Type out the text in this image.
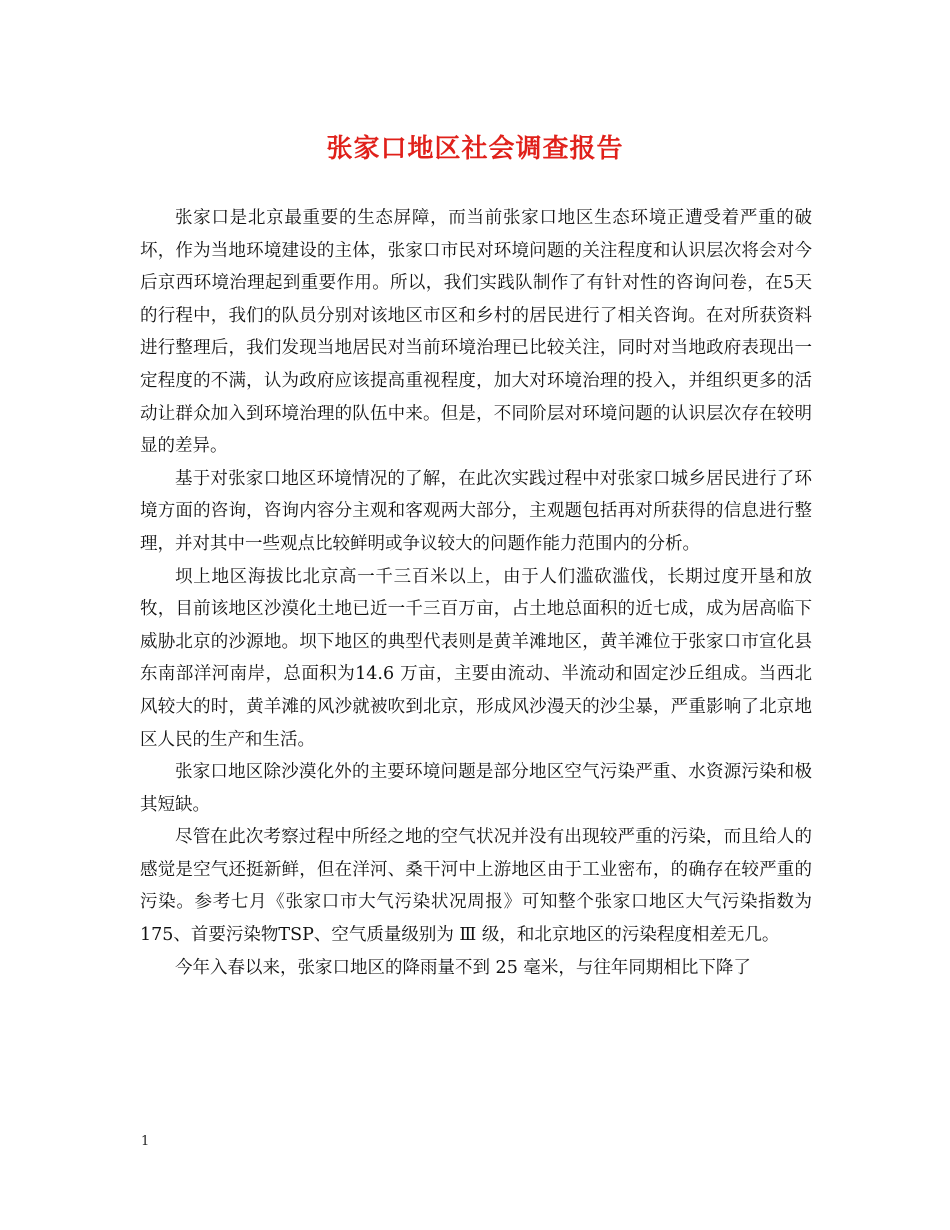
张家口地区社会调查报告

张家口是北京最重要的生态屏障，而当前张家口地区生态环境正遭受着严重的破坏，作为当地环境建设的主体，张家口市民对环境问题的关注程度和认识层次将会对今后京西环境治理起到重要作用。所以，我们实践队制作了有针对性的咨询问卷，在5天的行程中，我们的队员分别对该地区市区和乡村的居民进行了相关咨询。在对所获资料进行整理后，我们发现当地居民对当前环境治理已比较关注，同时对当地政府表现出一定程度的不满，认为政府应该提高重视程度，加大对环境治理的投入，并组织更多的活动让群众加入到环境治理的队伍中来。但是，不同阶层对环境问题的认识层次存在较明显的差异。

基于对张家口地区环境情况的了解，在此次实践过程中对张家口城乡居民进行了环境方面的咨询，咨询内容分主观和客观两大部分，主观题包括再对所获得的信息进行整理，并对其中一些观点比较鲜明或争议较大的问题作能力范围内的分析。

坝上地区海拔比北京高一千三百米以上，由于人们滥砍滥伐，长期过度开垦和放牧，目前该地区沙漠化土地已近一千三百万亩，占土地总面积的近七成，成为居高临下威胁北京的沙源地。坝下地区的典型代表则是黄羊滩地区，黄羊滩位于张家口市宣化县东南部洋河南岸，总面积为14.6 万亩，主要由流动、半流动和固定沙丘组成。当西北风较大的时，黄羊滩的风沙就被吹到北京，形成风沙漫天的沙尘暴，严重影响了北京地区人民的生产和生活。

张家口地区除沙漠化外的主要环境问题是部分地区空气污染严重、水资源污染和极其短缺。

尽管在此次考察过程中所经之地的空气状况并没有出现较严重的污染，而且给人的感觉是空气还挺新鲜，但在洋河、桑干河中上游地区由于工业密布，的确存在较严重的污染。参考七月《张家口市大气污染状况周报》可知整个张家口地区大气污染指数为175、首要污染物TSP、空气质量级别为 Ⅲ 级，和北京地区的污染程度相差无几。

今年入春以来，张家口地区的降雨量不到 25 毫米，与往年同期相比下降了

1
